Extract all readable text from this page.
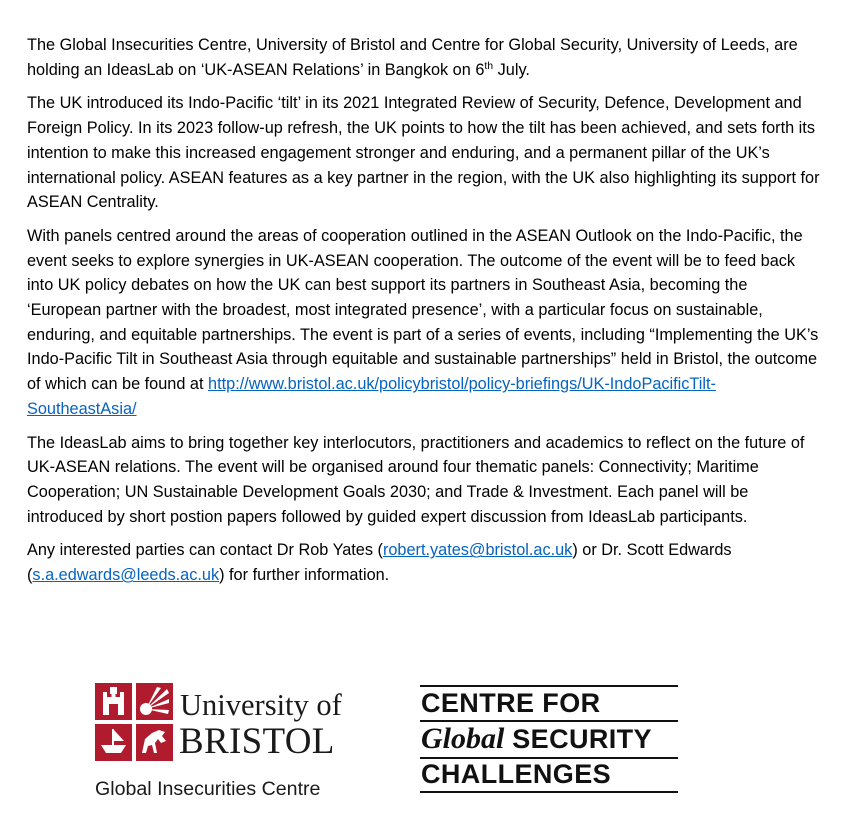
The Global Insecurities Centre, University of Bristol and Centre for Global Security, University of Leeds, are holding an IdeasLab on ‘UK-ASEAN Relations’ in Bangkok on 6th July.

The UK introduced its Indo-Pacific ‘tilt’ in its 2021 Integrated Review of Security, Defence, Development and Foreign Policy. In its 2023 follow-up refresh, the UK points to how the tilt has been achieved, and sets forth its intention to make this increased engagement stronger and enduring, and a permanent pillar of the UK’s international policy. ASEAN features as a key partner in the region, with the UK also highlighting its support for ASEAN Centrality.

With panels centred around the areas of cooperation outlined in the ASEAN Outlook on the Indo-Pacific, the event seeks to explore synergies in UK-ASEAN cooperation. The outcome of the event will be to feed back into UK policy debates on how the UK can best support its partners in Southeast Asia, becoming the ‘European partner with the broadest, most integrated presence’, with a particular focus on sustainable, enduring, and equitable partnerships. The event is part of a series of events, including “Implementing the UK’s Indo-Pacific Tilt in Southeast Asia through equitable and sustainable partnerships” held in Bristol, the outcome of which can be found at http://www.bristol.ac.uk/policybristol/policy-briefings/UK-IndoPacificTilt-SoutheastAsia/

The IdeasLab aims to bring together key interlocutors, practitioners and academics to reflect on the future of UK-ASEAN relations. The event will be organised around four thematic panels: Connectivity; Maritime Cooperation; UN Sustainable Development Goals 2030; and Trade & Investment. Each panel will be introduced by short postion papers followed by guided expert discussion from IdeasLab participants.

Any interested parties can contact Dr Rob Yates (robert.yates@bristol.ac.uk) or Dr. Scott Edwards (s.a.edwards@leeds.ac.uk) for further information.

University of
BRISTOL
Global Insecurities Centre
CENTRE FOR
Global SECURITY
CHALLENGES
